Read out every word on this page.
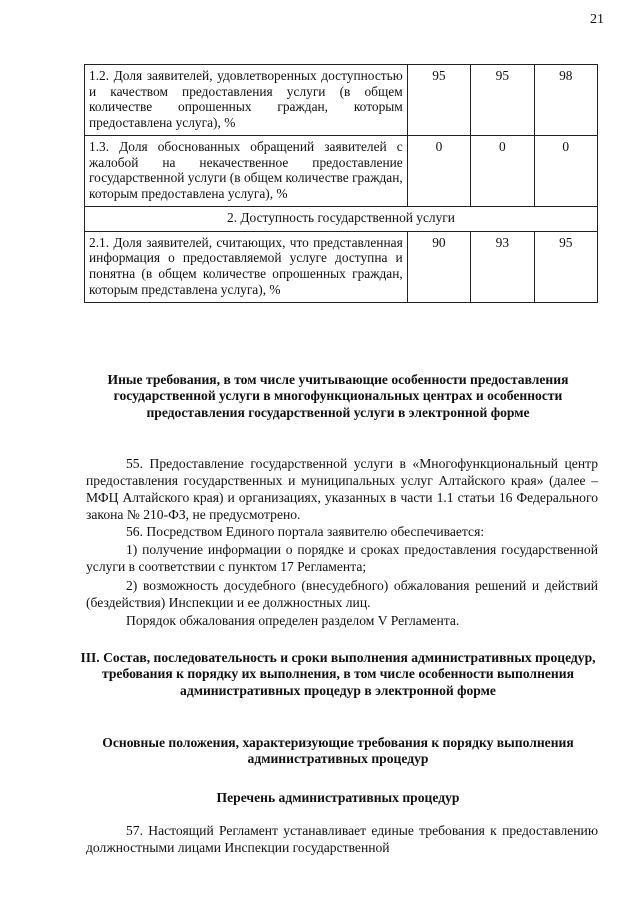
21
1.2. Доля заявителей, удовлетворенных доступностью и качеством предоставления услуги (в общем количестве опрошенных граждан, которым предоставлена услуга), %	95	95	98
1.3. Доля обоснованных обращений заявителей с жалобой на некачественное предоставление государственной услуги (в общем количестве граждан, которым предоставлена услуга), %	0	0	0
2. Доступность государственной услуги			
2.1. Доля заявителей, считающих, что представленная информация о предоставляемой услуге доступна и понятна (в общем количестве опрошенных граждан, которым представлена услуга), %	90	93	95
Иные требования, в том числе учитывающие особенности предоставления государственной услуги в многофункциональных центрах и особенности предоставления государственной услуги в электронной форме
55. Предоставление государственной услуги в «Многофункциональный центр предоставления государственных и муниципальных услуг Алтайского края» (далее – МФЦ Алтайского края) и организациях, указанных в части 1.1 статьи 16 Федерального закона № 210-ФЗ, не предусмотрено.
56. Посредством Единого портала заявителю обеспечивается:
1) получение информации о порядке и сроках предоставления государственной услуги в соответствии с пунктом 17 Регламента;
2) возможность досудебного (внесудебного) обжалования решений и действий (бездействия) Инспекции и ее должностных лиц.
Порядок обжалования определен разделом V Регламента.
III. Состав, последовательность и сроки выполнения административных процедур, требования к порядку их выполнения, в том числе особенности выполнения административных процедур в электронной форме
Основные положения, характеризующие требования к порядку выполнения административных процедур
Перечень административных процедур
57. Настоящий Регламент устанавливает единые требования к предоставлению должностными лицами Инспекции государственной
